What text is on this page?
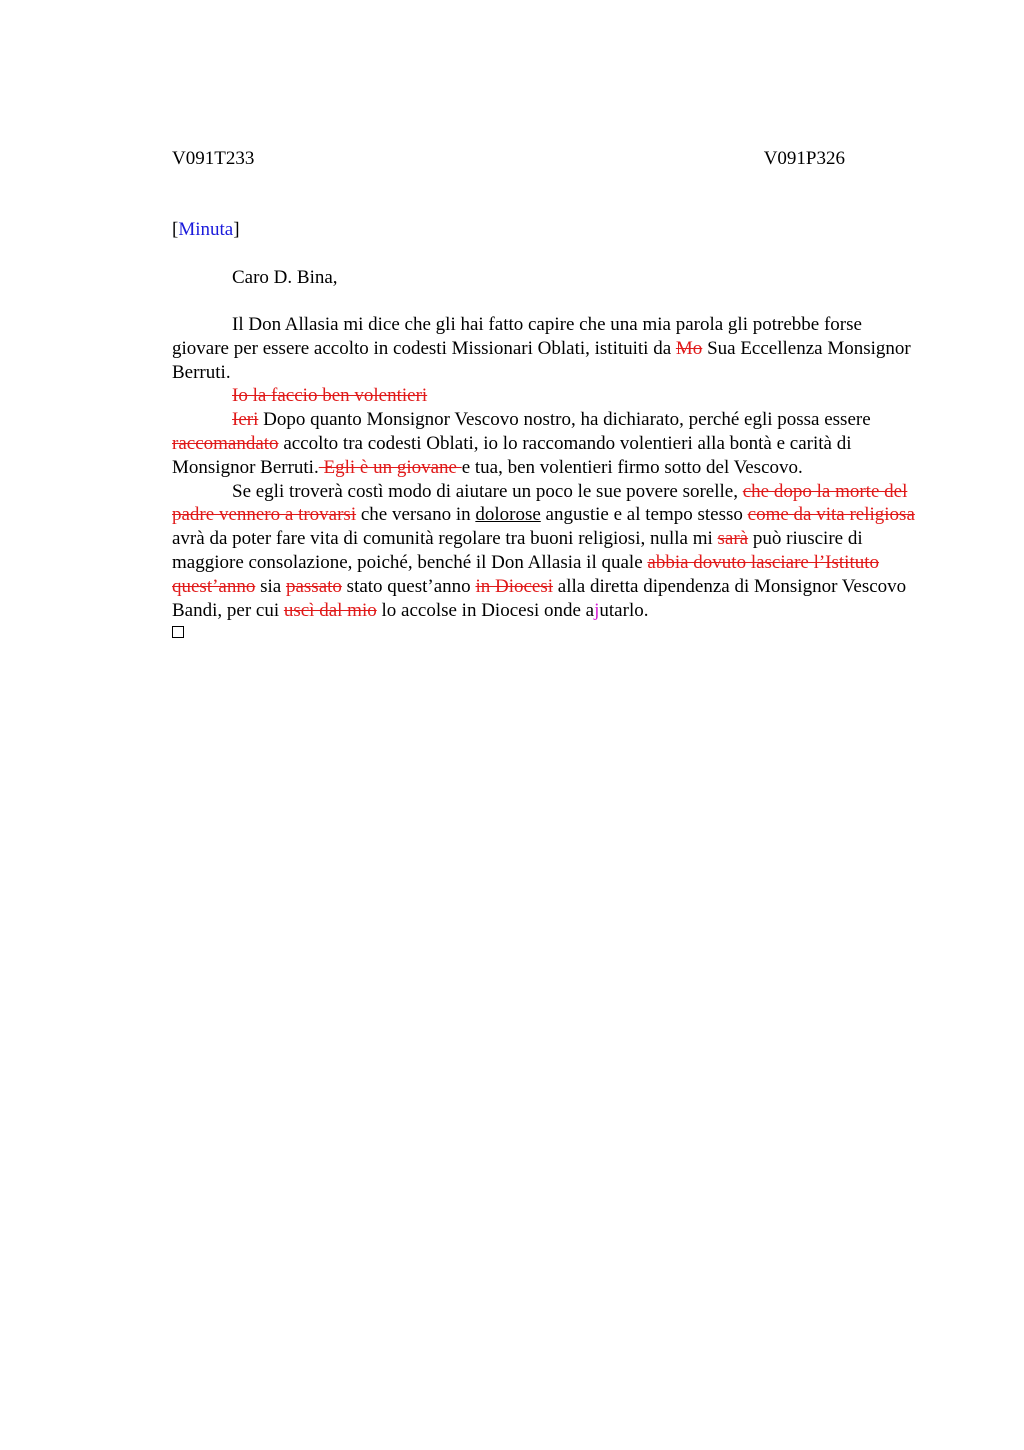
V091T233	V091P326
[Minuta]
Caro D. Bina,

Il Don Allasia mi dice che gli hai fatto capire che una mia parola gli potrebbe forse giovare per essere accolto in codesti Missionari Oblati, istituiti da Mo Sua Eccellenza Monsignor Berruti.

Io la faccio ben volentieri

Ieri Dopo quanto Monsignor Vescovo nostro, ha dichiarato, perché egli possa essere raccomandato accolto tra codesti Oblati, io lo raccomando volentieri alla bontà e carità di Monsignor Berruti. Egli è un giovane e tua, ben volentieri firmo sotto del Vescovo.

Se egli troverà costì modo di aiutare un poco le sue povere sorelle, che dopo la morte del padre vennero a trovarsi che versano in dolorose angustie e al tempo stesso come da vita religiosa avrà da poter fare vita di comunità regolare tra buoni religiosi, nulla mi sarà può riuscire di maggiore consolazione, poiché, benché il Don Allasia il quale abbia dovuto lasciare l’Istituto quest’anno sia passato stato quest’anno in Diocesi alla diretta dipendenza di Monsignor Vescovo Bandi, per cui uscì dal mio lo accolse in Diocesi onde ajutarlo.
